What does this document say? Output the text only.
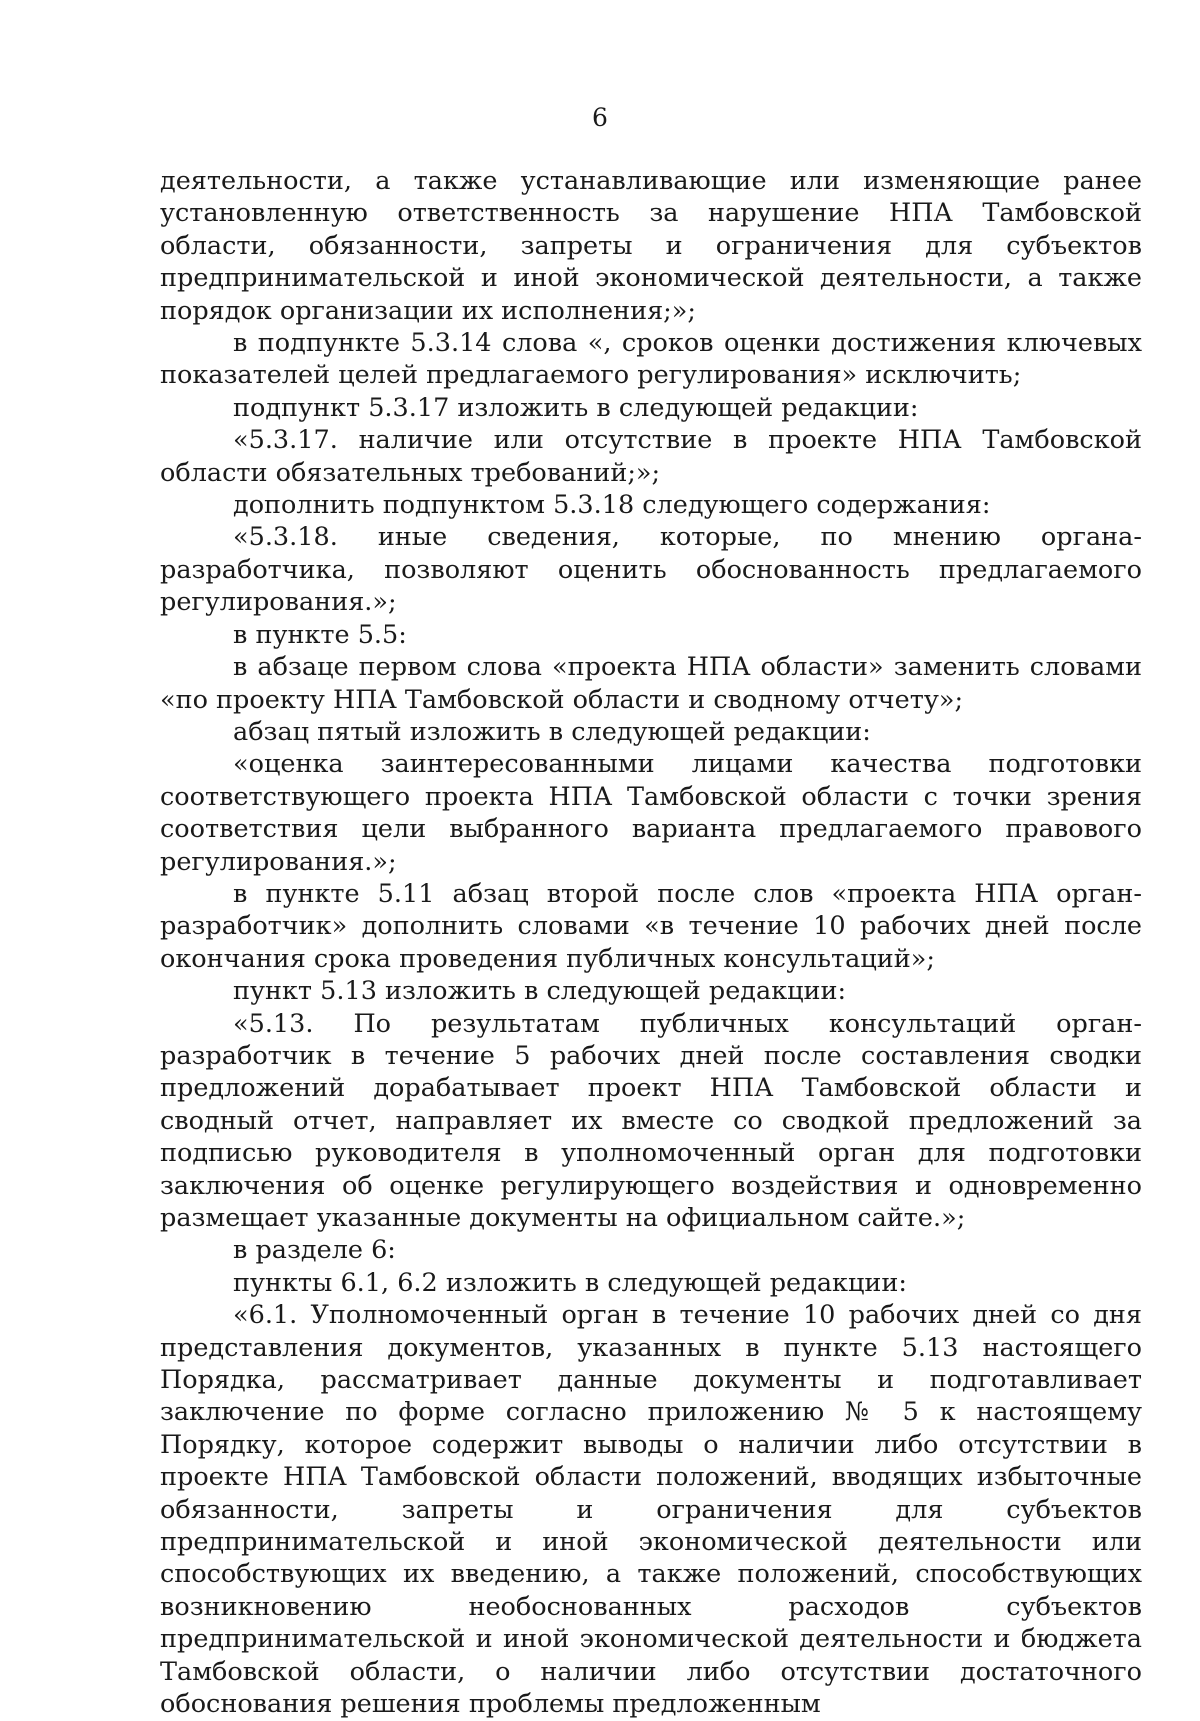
6

деятельности, а также устанавливающие или изменяющие ранее установленную ответственность за нарушение НПА Тамбовской области, обязанности, запреты и ограничения для субъектов предпринимательской и иной экономической деятельности, а также порядок организации их исполнения;»;

в подпункте 5.3.14 слова «, сроков оценки достижения ключевых показателей целей предлагаемого регулирования» исключить;

подпункт 5.3.17 изложить в следующей редакции:

«5.3.17. наличие или отсутствие в проекте НПА Тамбовской области обязательных требований;»;

дополнить подпунктом 5.3.18 следующего содержания:

«5.3.18. иные сведения, которые, по мнению органа-разработчика, позволяют оценить обоснованность предлагаемого регулирования.»;

в пункте 5.5:

в абзаце первом слова «проекта НПА области» заменить словами «по проекту НПА Тамбовской области и сводному отчету»;

абзац пятый изложить в следующей редакции:

«оценка заинтересованными лицами качества подготовки соответствующего проекта НПА Тамбовской области с точки зрения соответствия цели выбранного варианта предлагаемого правового регулирования.»;

в пункте 5.11 абзац второй после слов «проекта НПА орган-разработчик» дополнить словами «в течение 10 рабочих дней после окончания срока проведения публичных консультаций»;

пункт 5.13 изложить в следующей редакции:

«5.13. По результатам публичных консультаций орган-разработчик в течение 5 рабочих дней после составления сводки предложений дорабатывает проект НПА Тамбовской области и сводный отчет, направляет их вместе со сводкой предложений за подписью руководителя в уполномоченный орган для подготовки заключения об оценке регулирующего воздействия и одновременно размещает указанные документы на официальном сайте.»;

в разделе 6:

пункты 6.1, 6.2 изложить в следующей редакции:

«6.1. Уполномоченный орган в течение 10 рабочих дней со дня представления документов, указанных в пункте 5.13 настоящего Порядка, рассматривает данные документы и подготавливает заключение по форме согласно приложению № 5 к настоящему Порядку, которое содержит выводы о наличии либо отсутствии в проекте НПА Тамбовской области положений, вводящих избыточные обязанности, запреты и ограничения для субъектов предпринимательской и иной экономической деятельности или способствующих их введению, а также положений, способствующих возникновению необоснованных расходов субъектов предпринимательской и иной экономической деятельности и бюджета Тамбовской области, о наличии либо отсутствии достаточного обоснования решения проблемы предложенным
